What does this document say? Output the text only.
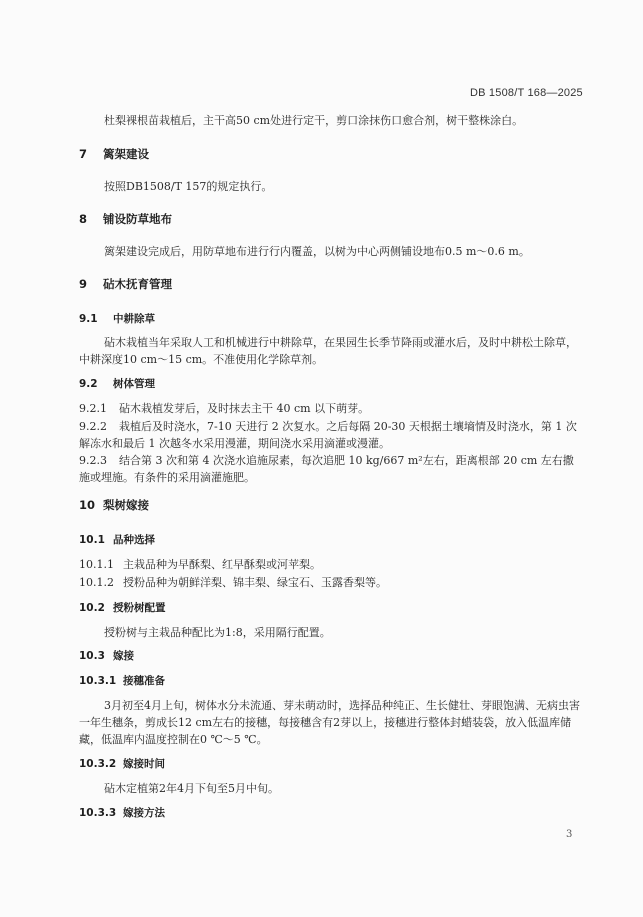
DB 1508/T 168—2025
杜梨裸根苗栽植后，主干高50 cm处进行定干，剪口涂抹伤口愈合剂，树干整株涂白。
7 篱架建设
按照DB1508/T 157的规定执行。
8 铺设防草地布
篱架建设完成后，用防草地布进行行内覆盖，以树为中心两侧铺设地布0.5 m～0.6 m。
9 砧木抚育管理
9.1 中耕除草
砧木栽植当年采取人工和机械进行中耕除草，在果园生长季节降雨或灌水后，及时中耕松土除草，中耕深度10 cm～15 cm。不准使用化学除草剂。
9.2 树体管理
9.2.1 砧木栽植发芽后，及时抹去主干 40 cm 以下萌芽。
9.2.2 栽植后及时浇水，7-10 天进行 2 次复水。之后每隔 20-30 天根据土壤墒情及时浇水，第 1 次解冻水和最后 1 次越冬水采用漫灌，期间浇水采用滴灌或漫灌。
9.2.3 结合第 3 次和第 4 次浇水追施尿素，每次追肥 10 kg/667 m²左右，距离根部 20 cm 左右撒施或埋施。有条件的采用滴灌施肥。
10 梨树嫁接
10.1 品种选择
10.1.1 主栽品种为早酥梨、红早酥梨或河苹梨。
10.1.2 授粉品种为朝鲜洋梨、锦丰梨、绿宝石、玉露香梨等。
10.2 授粉树配置
授粉树与主栽品种配比为1:8，采用隔行配置。
10.3 嫁接
10.3.1 接穗准备
3月初至4月上旬，树体水分未流通、芽未萌动时，选择品种纯正、生长健壮、芽眼饱满、无病虫害一年生穗条，剪成长12 cm左右的接穗，每接穗含有2芽以上，接穗进行整体封蜡装袋，放入低温库储藏，低温库内温度控制在0 ℃～5 ℃。
10.3.2 嫁接时间
砧木定植第2年4月下旬至5月中旬。
10.3.3 嫁接方法
3
